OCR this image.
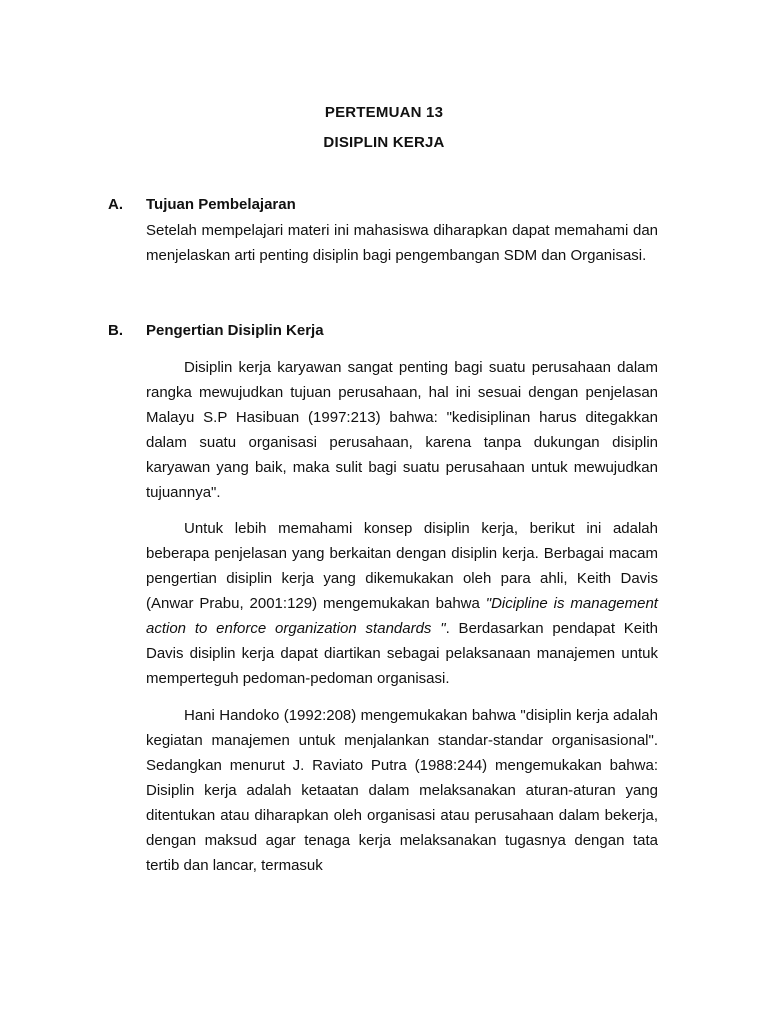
PERTEMUAN 13
DISIPLIN KERJA
A. Tujuan Pembelajaran
Setelah mempelajari materi ini mahasiswa diharapkan dapat memahami dan menjelaskan arti penting disiplin bagi pengembangan SDM dan Organisasi.
B. Pengertian Disiplin Kerja
Disiplin kerja karyawan sangat penting bagi suatu perusahaan dalam rangka mewujudkan tujuan perusahaan, hal ini sesuai dengan penjelasan Malayu S.P Hasibuan (1997:213) bahwa: "kedisiplinan harus ditegakkan dalam suatu organisasi perusahaan, karena tanpa dukungan disiplin karyawan yang baik, maka sulit bagi suatu perusahaan untuk mewujudkan tujuannya".
Untuk lebih memahami konsep disiplin kerja, berikut ini adalah beberapa penjelasan yang berkaitan dengan disiplin kerja. Berbagai macam pengertian disiplin kerja yang dikemukakan oleh para ahli, Keith Davis (Anwar Prabu, 2001:129) mengemukakan bahwa "Dicipline is management action to enforce organization standards ". Berdasarkan pendapat Keith Davis disiplin kerja dapat diartikan sebagai pelaksanaan manajemen untuk memperteguh pedoman-pedoman organisasi.
Hani Handoko (1992:208) mengemukakan bahwa "disiplin kerja adalah kegiatan manajemen untuk menjalankan standar-standar organisasional". Sedangkan menurut J. Raviato Putra (1988:244) mengemukakan bahwa: Disiplin kerja adalah ketaatan dalam melaksanakan aturan-aturan yang ditentukan atau diharapkan oleh organisasi atau perusahaan dalam bekerja, dengan maksud agar tenaga kerja melaksanakan tugasnya dengan tata tertib dan lancar, termasuk
